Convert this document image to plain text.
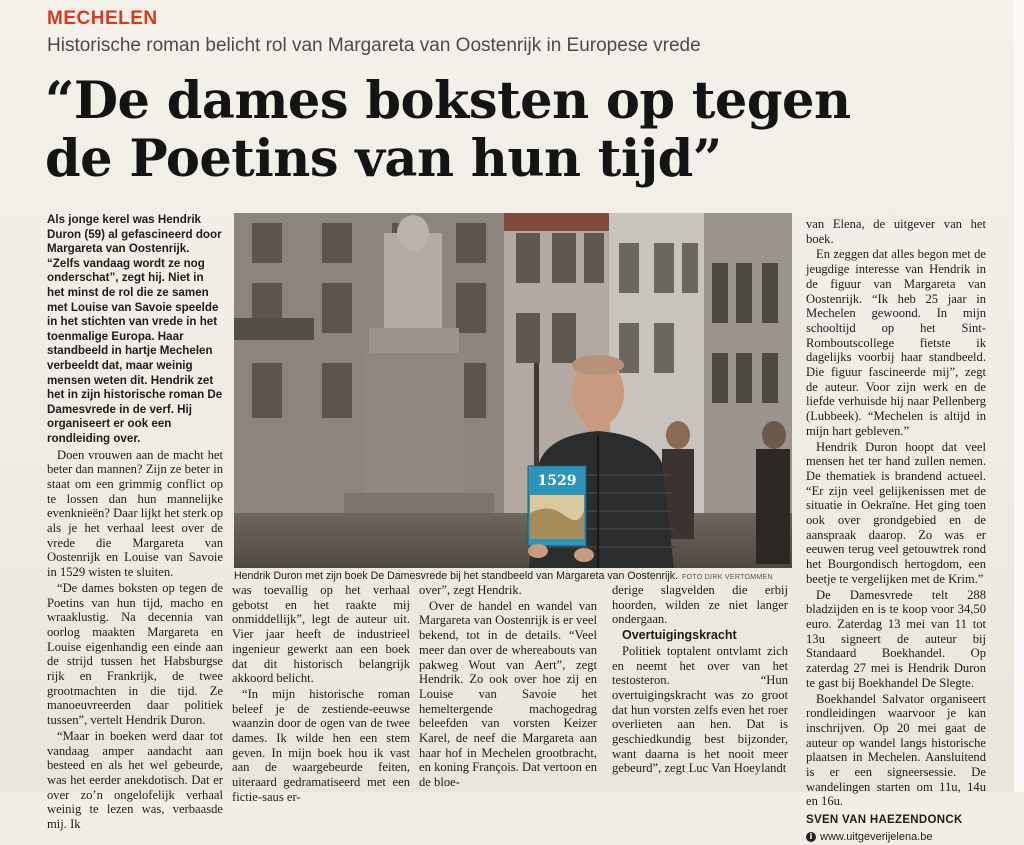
MECHELEN
Historische roman belicht rol van Margareta van Oostenrijk in Europese vrede
“De dames boksten op tegen
de Poetins van hun tijd”

Als jonge kerel was Hendrik Duron (59) al gefascineerd door Margareta van Oostenrijk. “Zelfs vandaag wordt ze nog onderschat”, zegt hij. Niet in het minst de rol die ze samen met Louise van Savoie speelde in het stichten van vrede in het toenmalige Europa. Haar standbeeld in hartje Mechelen verbeeldt dat, maar weinig mensen weten dit. Hendrik zet het in zijn historische roman De Damesvrede in de verf. Hij organiseert er ook een rondleiding over.

Doen vrouwen aan de macht het beter dan mannen? Zijn ze beter in staat om een grimmig conflict op te lossen dan hun mannelijke evenknieën? Daar lijkt het sterk op als je het verhaal leest over de vrede die Margareta van Oostenrijk en Louise van Savoie in 1529 wisten te sluiten.

“De dames boksten op tegen de Poetins van hun tijd, macho en wraaklustig. Na decennia van oorlog maakten Margareta en Louise eigenhandig een einde aan de strijd tussen het Habsburgse rijk en Frankrijk, de twee grootmachten in die tijd. Ze manoeuvreerden daar politiek tussen”, vertelt Hendrik Duron.

“Maar in boeken werd daar tot vandaag amper aandacht aan besteed en als het wel gebeurde, was het eerder anekdotisch. Dat er over zo’n ongelofelijk verhaal weinig te lezen was, verbaasde mij. Ik

1529
Hendrik Duron met zijn boek De Damesvrede bij het standbeeld van Margareta van Oostenrijk. FOTO DIRK VERTOMMEN

was toevallig op het verhaal gebotst en het raakte mij onmiddellijk”, legt de auteur uit. Vier jaar heeft de industrieel ingenieur gewerkt aan een boek dat dit historisch belangrijk akkoord belicht.

“In mijn historische roman beleef je de zestiende-eeuwse waanzin door de ogen van de twee dames. Ik wilde hen een stem geven. In mijn boek hou ik vast aan de waargebeurde feiten, uiteraard gedramatiseerd met een fictie-saus er-

over”, zegt Hendrik.

Over de handel en wandel van Margareta van Oostenrijk is er veel bekend, tot in de details. “Veel meer dan over de whereabouts van pakweg Wout van Aert”, zegt Hendrik. Zo ook over hoe zij en Louise van Savoie het hemeltergende machogedrag beleefden van vorsten Keizer Karel, de neef die Margareta aan haar hof in Mechelen grootbracht, en koning François. Dat vertoon en de bloe-

derige slagvelden die erbij hoorden, wilden ze niet langer ondergaan.

Overtuigingskracht

Politiek toptalent ontvlamt zich en neemt het over van het testosteron. “Hun overtuigingskracht was zo groot dat hun vorsten zelfs even het roer overlieten aan hen. Dat is geschiedkundig best bijzonder, want daarna is het nooit meer gebeurd”, zegt Luc Van Hoeylandt

van Elena, de uitgever van het boek.

En zeggen dat alles begon met de jeugdige interesse van Hendrik in de figuur van Margareta van Oostenrijk. “Ik heb 25 jaar in Mechelen gewoond. In mijn schooltijd op het Sint-Romboutscollege fietste ik dagelijks voorbij haar standbeeld. Die figuur fascineerde mij”, zegt de auteur. Voor zijn werk en de liefde verhuisde hij naar Pellenberg (Lubbeek). “Mechelen is altijd in mijn hart gebleven.”

Hendrik Duron hoopt dat veel mensen het ter hand zullen nemen. De thematiek is brandend actueel. “Er zijn veel gelijkenissen met de situatie in Oekraïne. Het ging toen ook over grondgebied en de aanspraak daarop. Zo was er eeuwen terug veel getouwtrek rond het Bourgondisch hertogdom, een beetje te vergelijken met de Krim.”

De Damesvrede telt 288 bladzijden en is te koop voor 34,50 euro. Zaterdag 13 mei van 11 tot 13u signeert de auteur bij Standaard Boekhandel. Op zaterdag 27 mei is Hendrik Duron te gast bij Boekhandel De Slegte.

Boekhandel Salvator organiseert rondleidingen waarvoor je kan inschrijven. Op 20 mei gaat de auteur op wandel langs historische plaatsen in Mechelen. Aansluitend is er een signeersessie. De wandelingen starten om 11u, 14u en 16u.

SVEN VAN HAEZENDONCK
i www.uitgeverijelena.be
